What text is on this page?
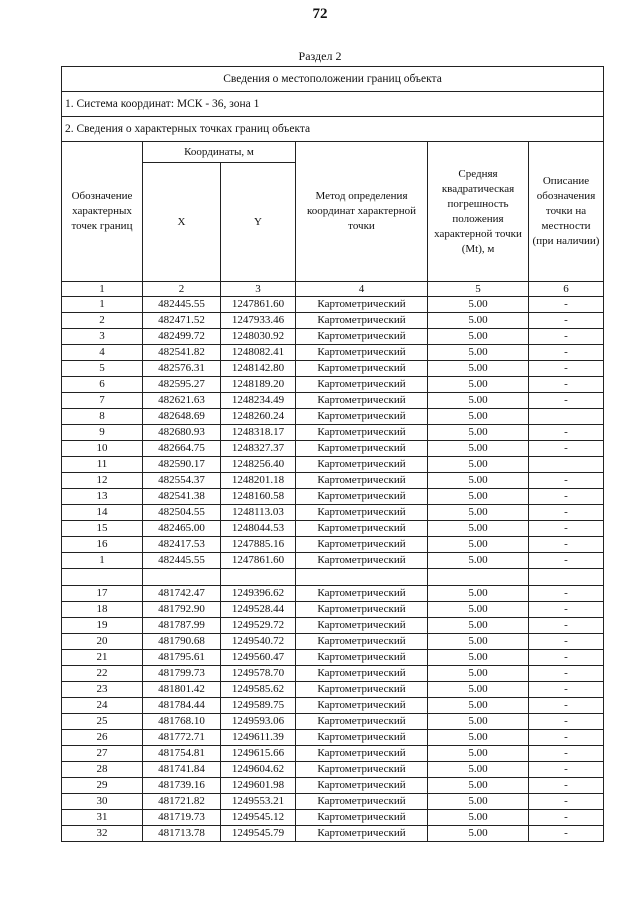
72
Раздел 2
Сведения о местоположении границ объекта					
1. Система координат: МСК - 36, зона 1					
2. Сведения о характерных точках границ объекта					
Обозначение характерных точек границ	Координаты, м		Метод определения координат характерной точки	Средняя квадратическая погрешность положения характерной точки (Mt), м	Описание обозначения точки на местности (при наличии)
	X	Y			
1	2	3	4	5	6
1	482445.55	1247861.60	Картометрический	5.00	-
2	482471.52	1247933.46	Картометрический	5.00	-
3	482499.72	1248030.92	Картометрический	5.00	-
4	482541.82	1248082.41	Картометрический	5.00	-
5	482576.31	1248142.80	Картометрический	5.00	-
6	482595.27	1248189.20	Картометрический	5.00	-
7	482621.63	1248234.49	Картометрический	5.00	-
8	482648.69	1248260.24	Картометрический	5.00	
9	482680.93	1248318.17	Картометрический	5.00	-
10	482664.75	1248327.37	Картометрический	5.00	-
11	482590.17	1248256.40	Картометрический	5.00	
12	482554.37	1248201.18	Картометрический	5.00	-
13	482541.38	1248160.58	Картометрический	5.00	-
14	482504.55	1248113.03	Картометрический	5.00	-
15	482465.00	1248044.53	Картометрический	5.00	-
16	482417.53	1247885.16	Картометрический	5.00	-
1	482445.55	1247861.60	Картометрический	5.00	-

17	481742.47	1249396.62	Картометрический	5.00	-
18	481792.90	1249528.44	Картометрический	5.00	-
19	481787.99	1249529.72	Картометрический	5.00	-
20	481790.68	1249540.72	Картометрический	5.00	-
21	481795.61	1249560.47	Картометрический	5.00	-
22	481799.73	1249578.70	Картометрический	5.00	-
23	481801.42	1249585.62	Картометрический	5.00	-
24	481784.44	1249589.75	Картометрический	5.00	-
25	481768.10	1249593.06	Картометрический	5.00	-
26	481772.71	1249611.39	Картометрический	5.00	-
27	481754.81	1249615.66	Картометрический	5.00	-
28	481741.84	1249604.62	Картометрический	5.00	-
29	481739.16	1249601.98	Картометрический	5.00	-
30	481721.82	1249553.21	Картометрический	5.00	-
31	481719.73	1249545.12	Картометрический	5.00	-
32	481713.78	1249545.79	Картометрический	5.00	-
